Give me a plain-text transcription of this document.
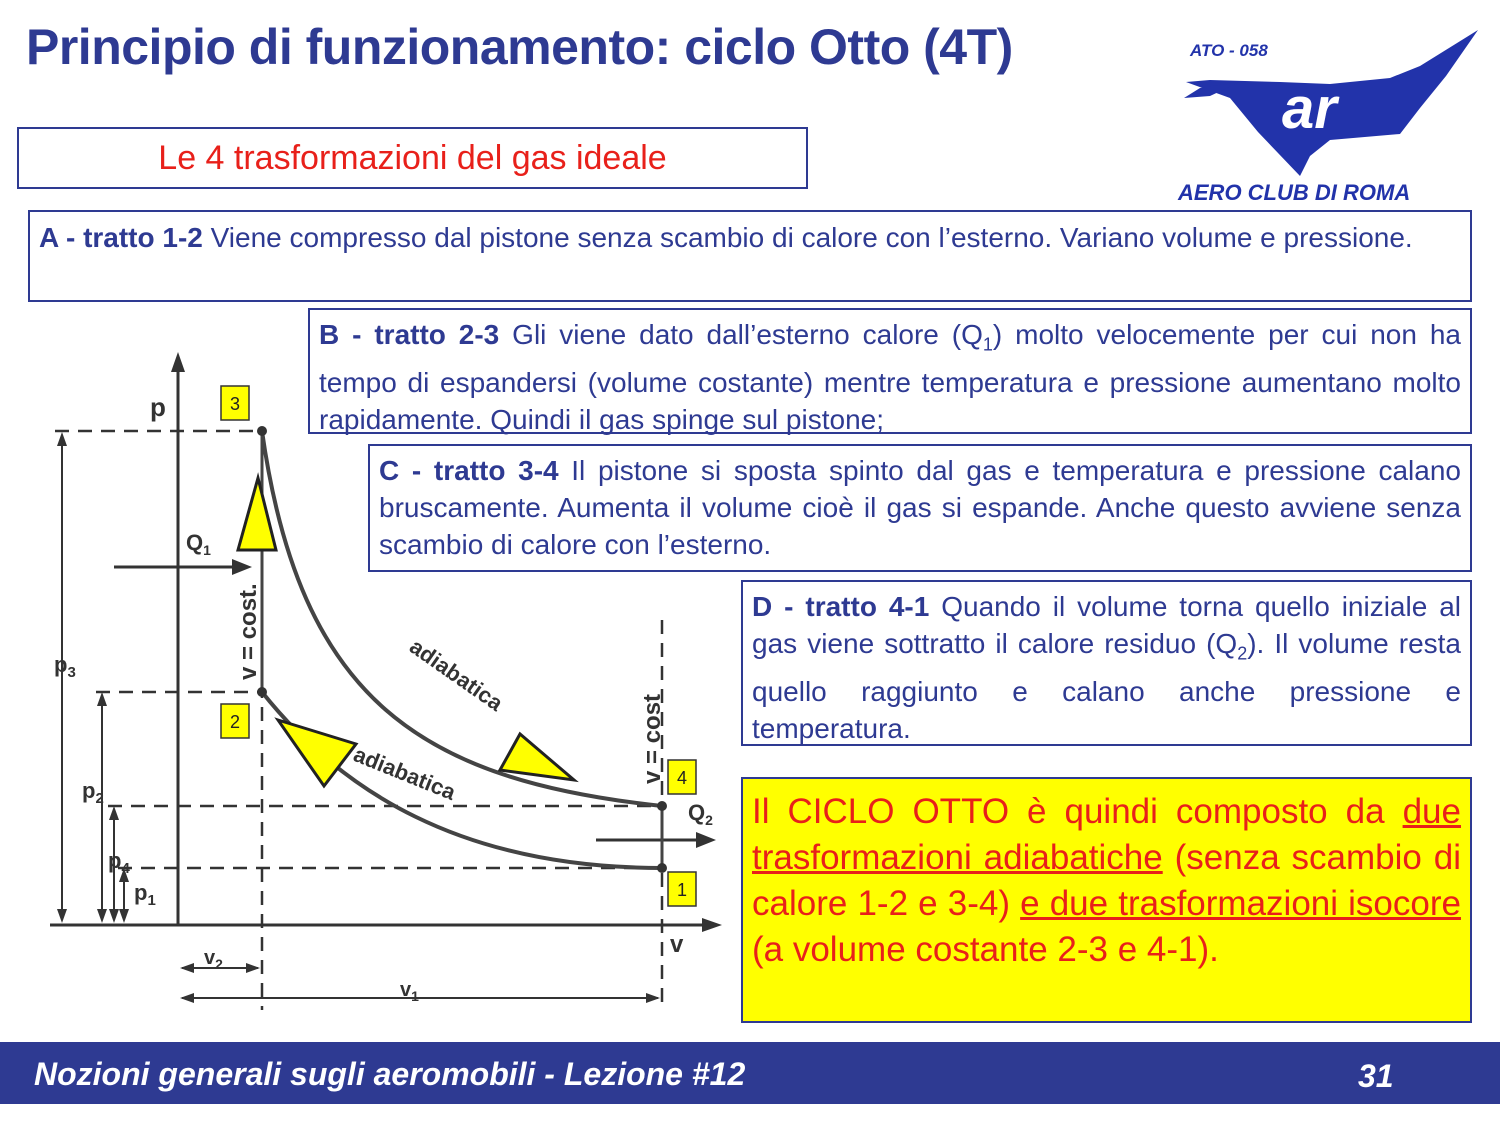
Principio di funzionamento: ciclo Otto (4T)
Le 4 trasformazioni del gas ideale
ATO - 058
ar
AERO CLUB DI ROMA
A - tratto 1-2 Viene compresso dal pistone senza scambio di calore con l’esterno. Variano volume e pressione.
p
v
$p_3$
$p_2$
$p_4$
$p_1$
$v_2$
$v_1$
$Q_1$
$Q_2$
v = cost.
v = cost
adiabatica
adiabatica
3
2
4
1
B - tratto 2-3 Gli viene dato dall’esterno calore $(Q_1)$ molto velocemente per cui non ha tempo di espandersi (volume costante) mentre temperatura e pressione aumentano molto rapidamente. Quindi il gas spinge sul pistone;
C - tratto 3-4 Il pistone si sposta spinto dal gas e temperatura e pressione calano bruscamente. Aumenta il volume cioè il gas si espande. Anche questo avviene senza scambio di calore con l’esterno.
D - tratto 4-1 Quando il volume torna quello iniziale al gas viene sottratto il calore residuo $(Q_2)$. Il volume resta quello raggiunto e calano anche pressione e temperatura.
Il CICLO OTTO è quindi composto da due trasformazioni adiabatiche (senza scambio di calore 1-2 e 3-4) e due trasformazioni isocore (a volume costante 2-3 e 4-1).
Nozioni generali sugli aeromobili - Lezione #12	31
